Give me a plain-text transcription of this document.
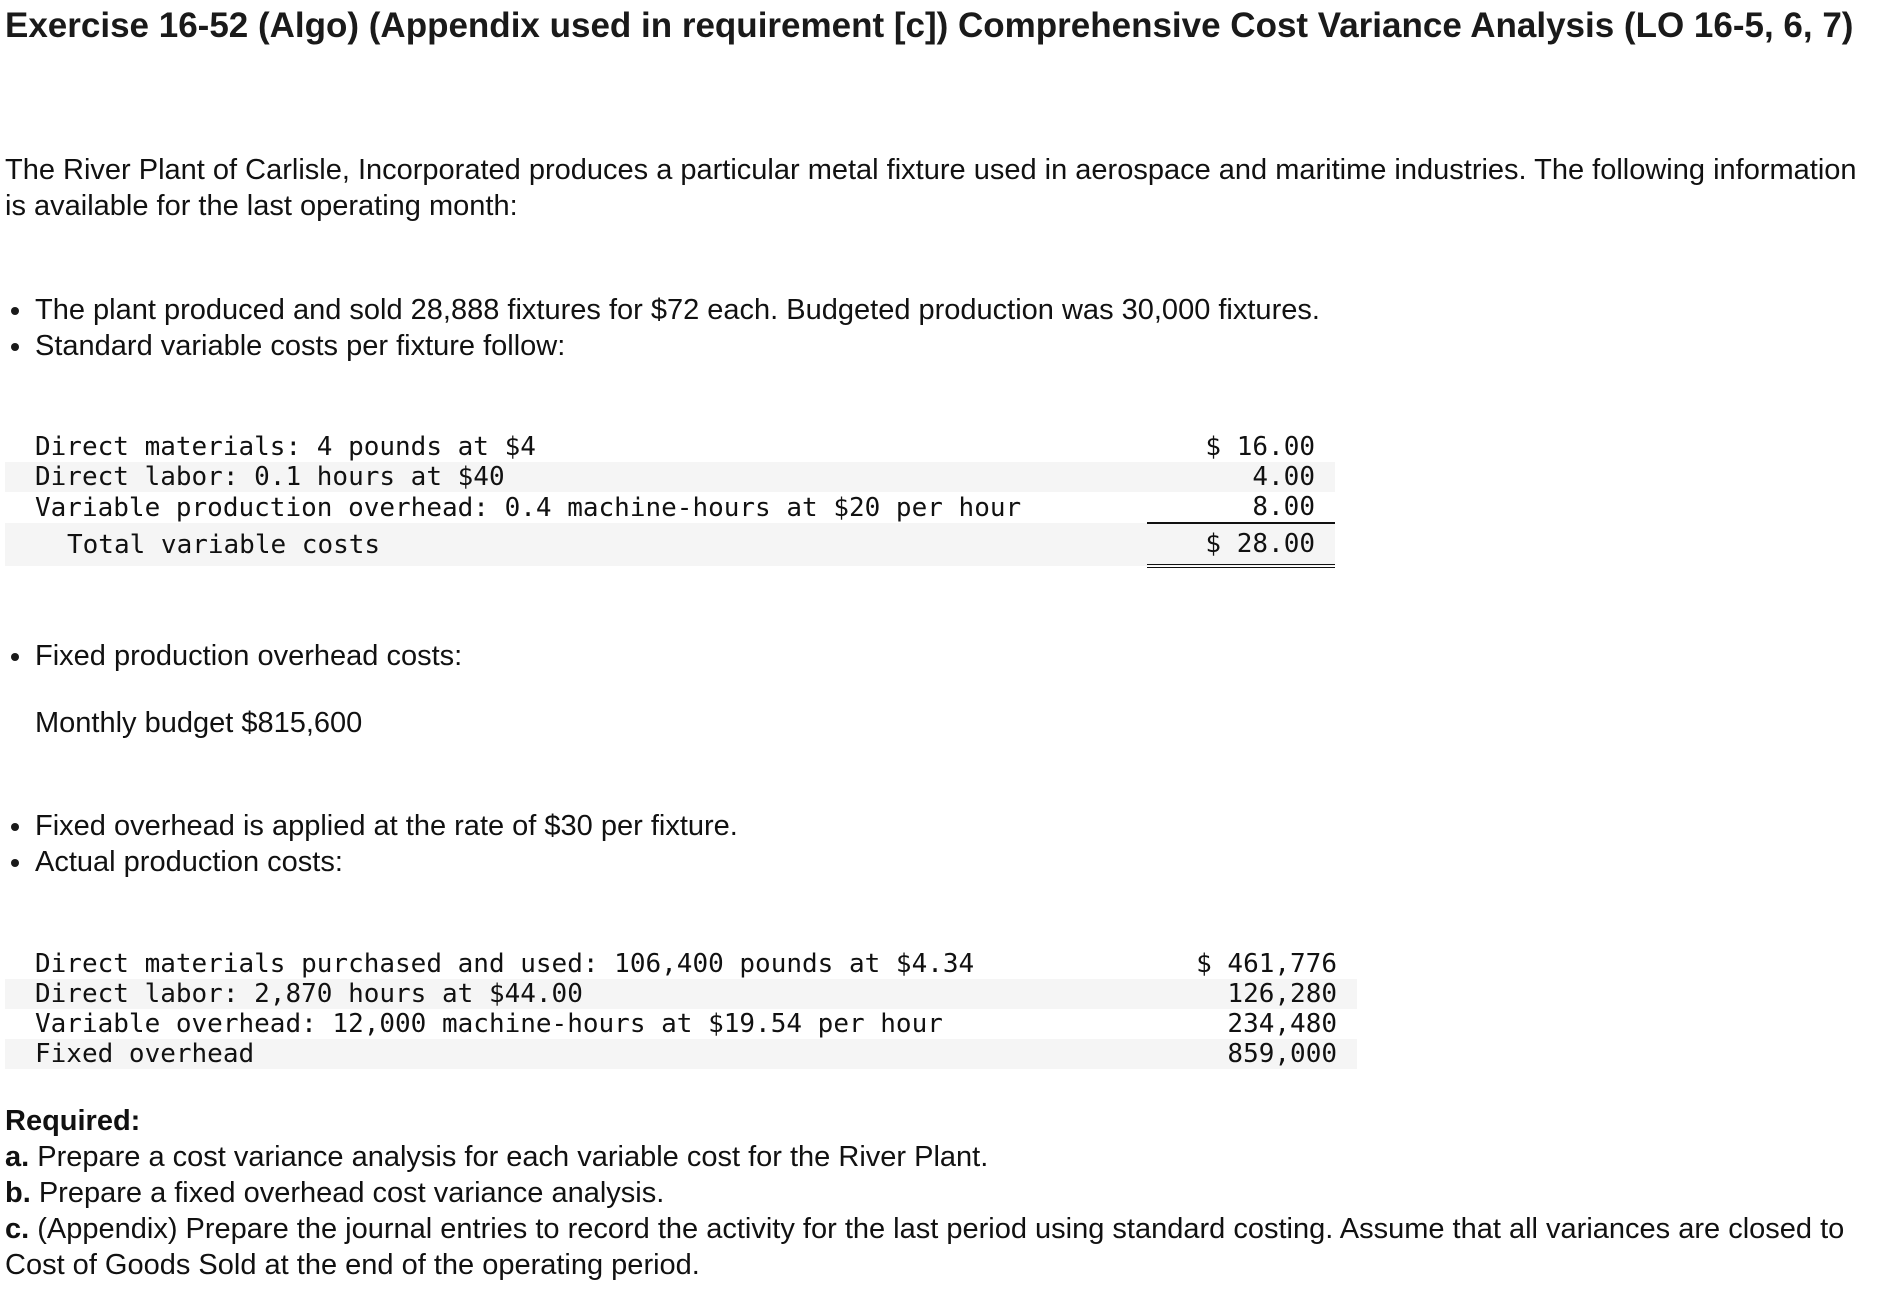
Exercise 16-52 (Algo) (Appendix used in requirement [c]) Comprehensive Cost Variance Analysis (LO 16-5, 6, 7)
The River Plant of Carlisle, Incorporated produces a particular metal fixture used in aerospace and maritime industries. The following information is available for the last operating month:
The plant produced and sold 28,888 fixtures for $72 each. Budgeted production was 30,000 fixtures.
Standard variable costs per fixture follow:
Direct materials: 4 pounds at $4	$ 16.00
Direct labor: 0.1 hours at $40	4.00
Variable production overhead: 0.4 machine-hours at $20 per hour	8.00
Total variable costs	$ 28.00
Fixed production overhead costs:
Monthly budget $815,600
Fixed overhead is applied at the rate of $30 per fixture.
Actual production costs:
Direct materials purchased and used: 106,400 pounds at $4.34	$ 461,776
Direct labor: 2,870 hours at $44.00	126,280
Variable overhead: 12,000 machine-hours at $19.54 per hour	234,480
Fixed overhead	859,000

Required:

a. Prepare a cost variance analysis for each variable cost for the River Plant.

b. Prepare a fixed overhead cost variance analysis.

c. (Appendix) Prepare the journal entries to record the activity for the last period using standard costing. Assume that all variances are closed to Cost of Goods Sold at the end of the operating period.
